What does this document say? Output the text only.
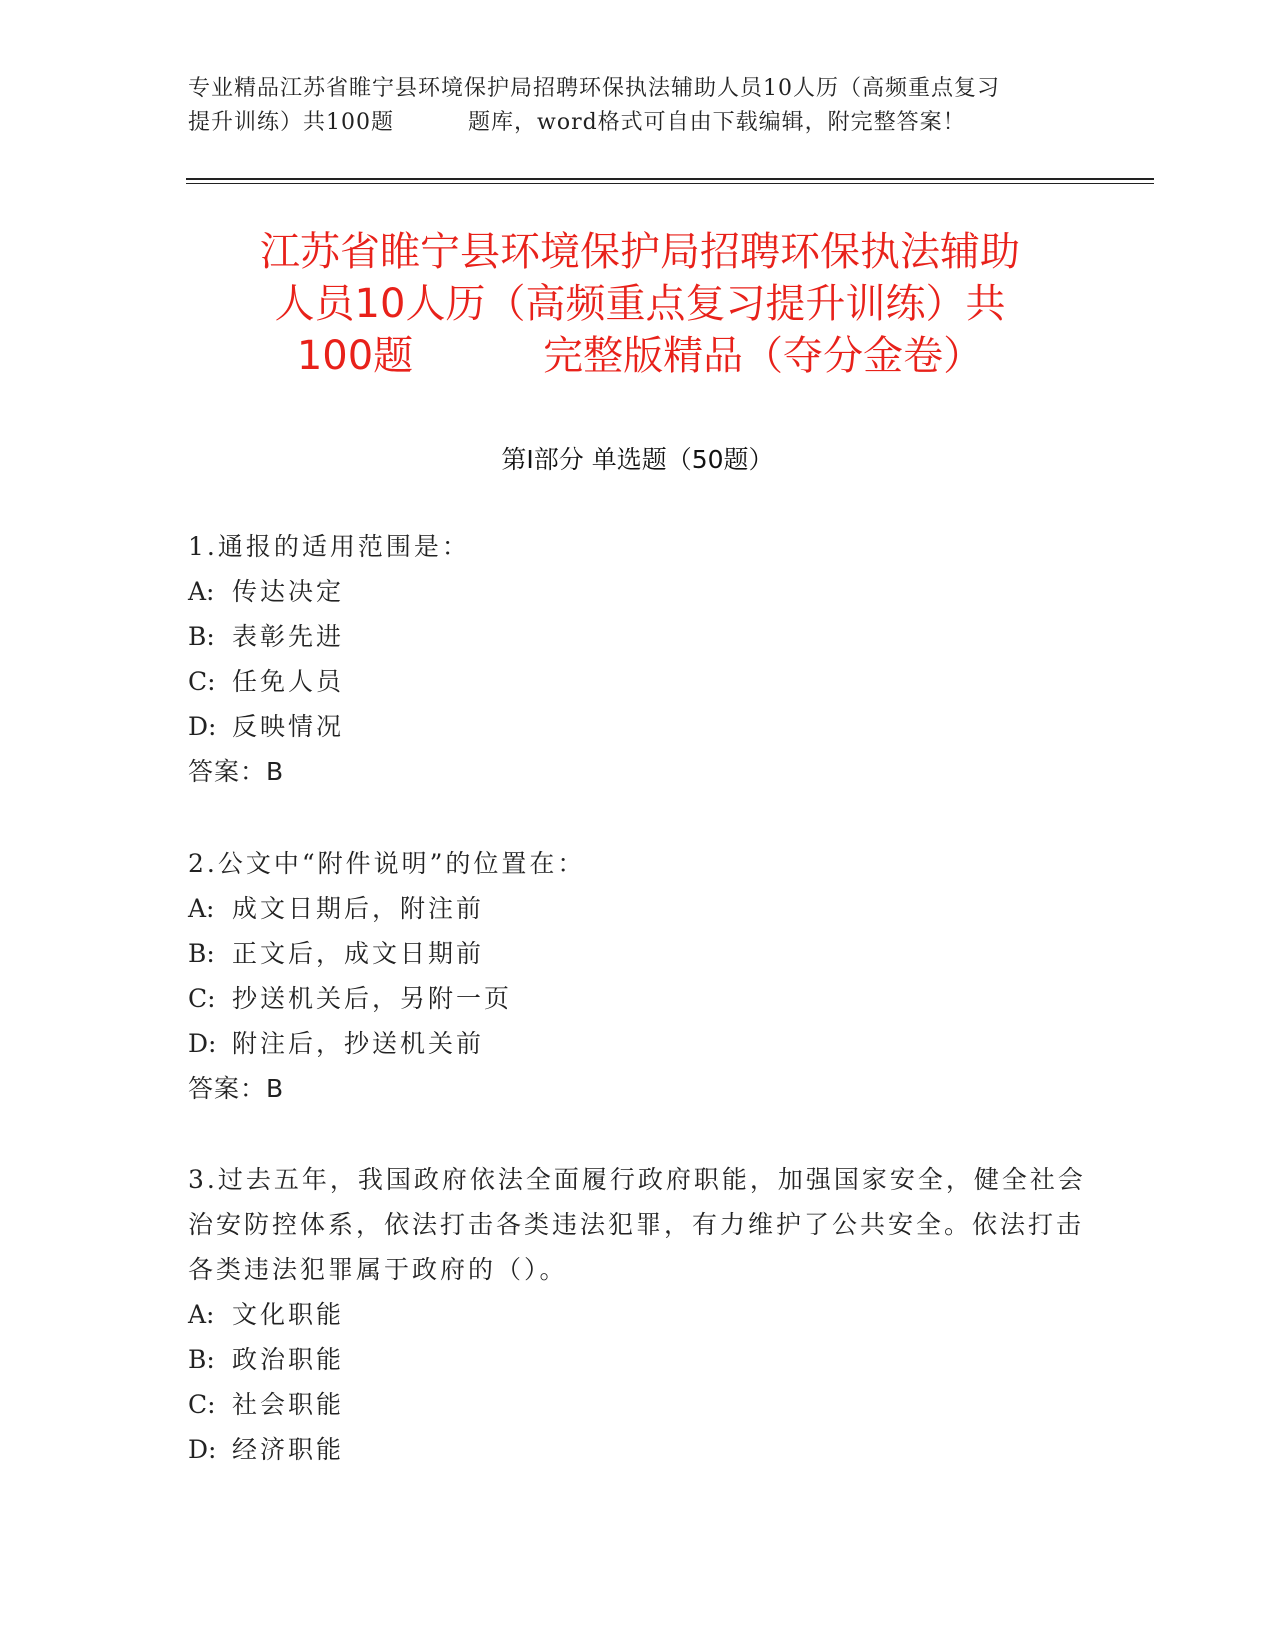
专业精品江苏省睢宁县环境保护局招聘环保执法辅助人员10人历（高频重点复习
提升训练）共100题	题库，word格式可自由下载编辑，附完整答案！
江苏省睢宁县环境保护局招聘环保执法辅助
人员10人历（高频重点复习提升训练）共
100题	完整版精品（夺分金卷）
第Ⅰ部分 单选题（50题）
1.通报的适用范围是：
A: 传达决定
B: 表彰先进
C: 任免人员
D: 反映情况
答案：B
2.公文中“附件说明”的位置在：
A: 成文日期后，附注前
B: 正文后，成文日期前
C: 抄送机关后，另附一页
D: 附注后，抄送机关前
答案：B
3.过去五年，我国政府依法全面履行政府职能，加强国家安全，健全社会治安防控体系，依法打击各类违法犯罪，有力维护了公共安全。依法打击各类违法犯罪属于政府的（）。
A: 文化职能
B: 政治职能
C: 社会职能
D: 经济职能
